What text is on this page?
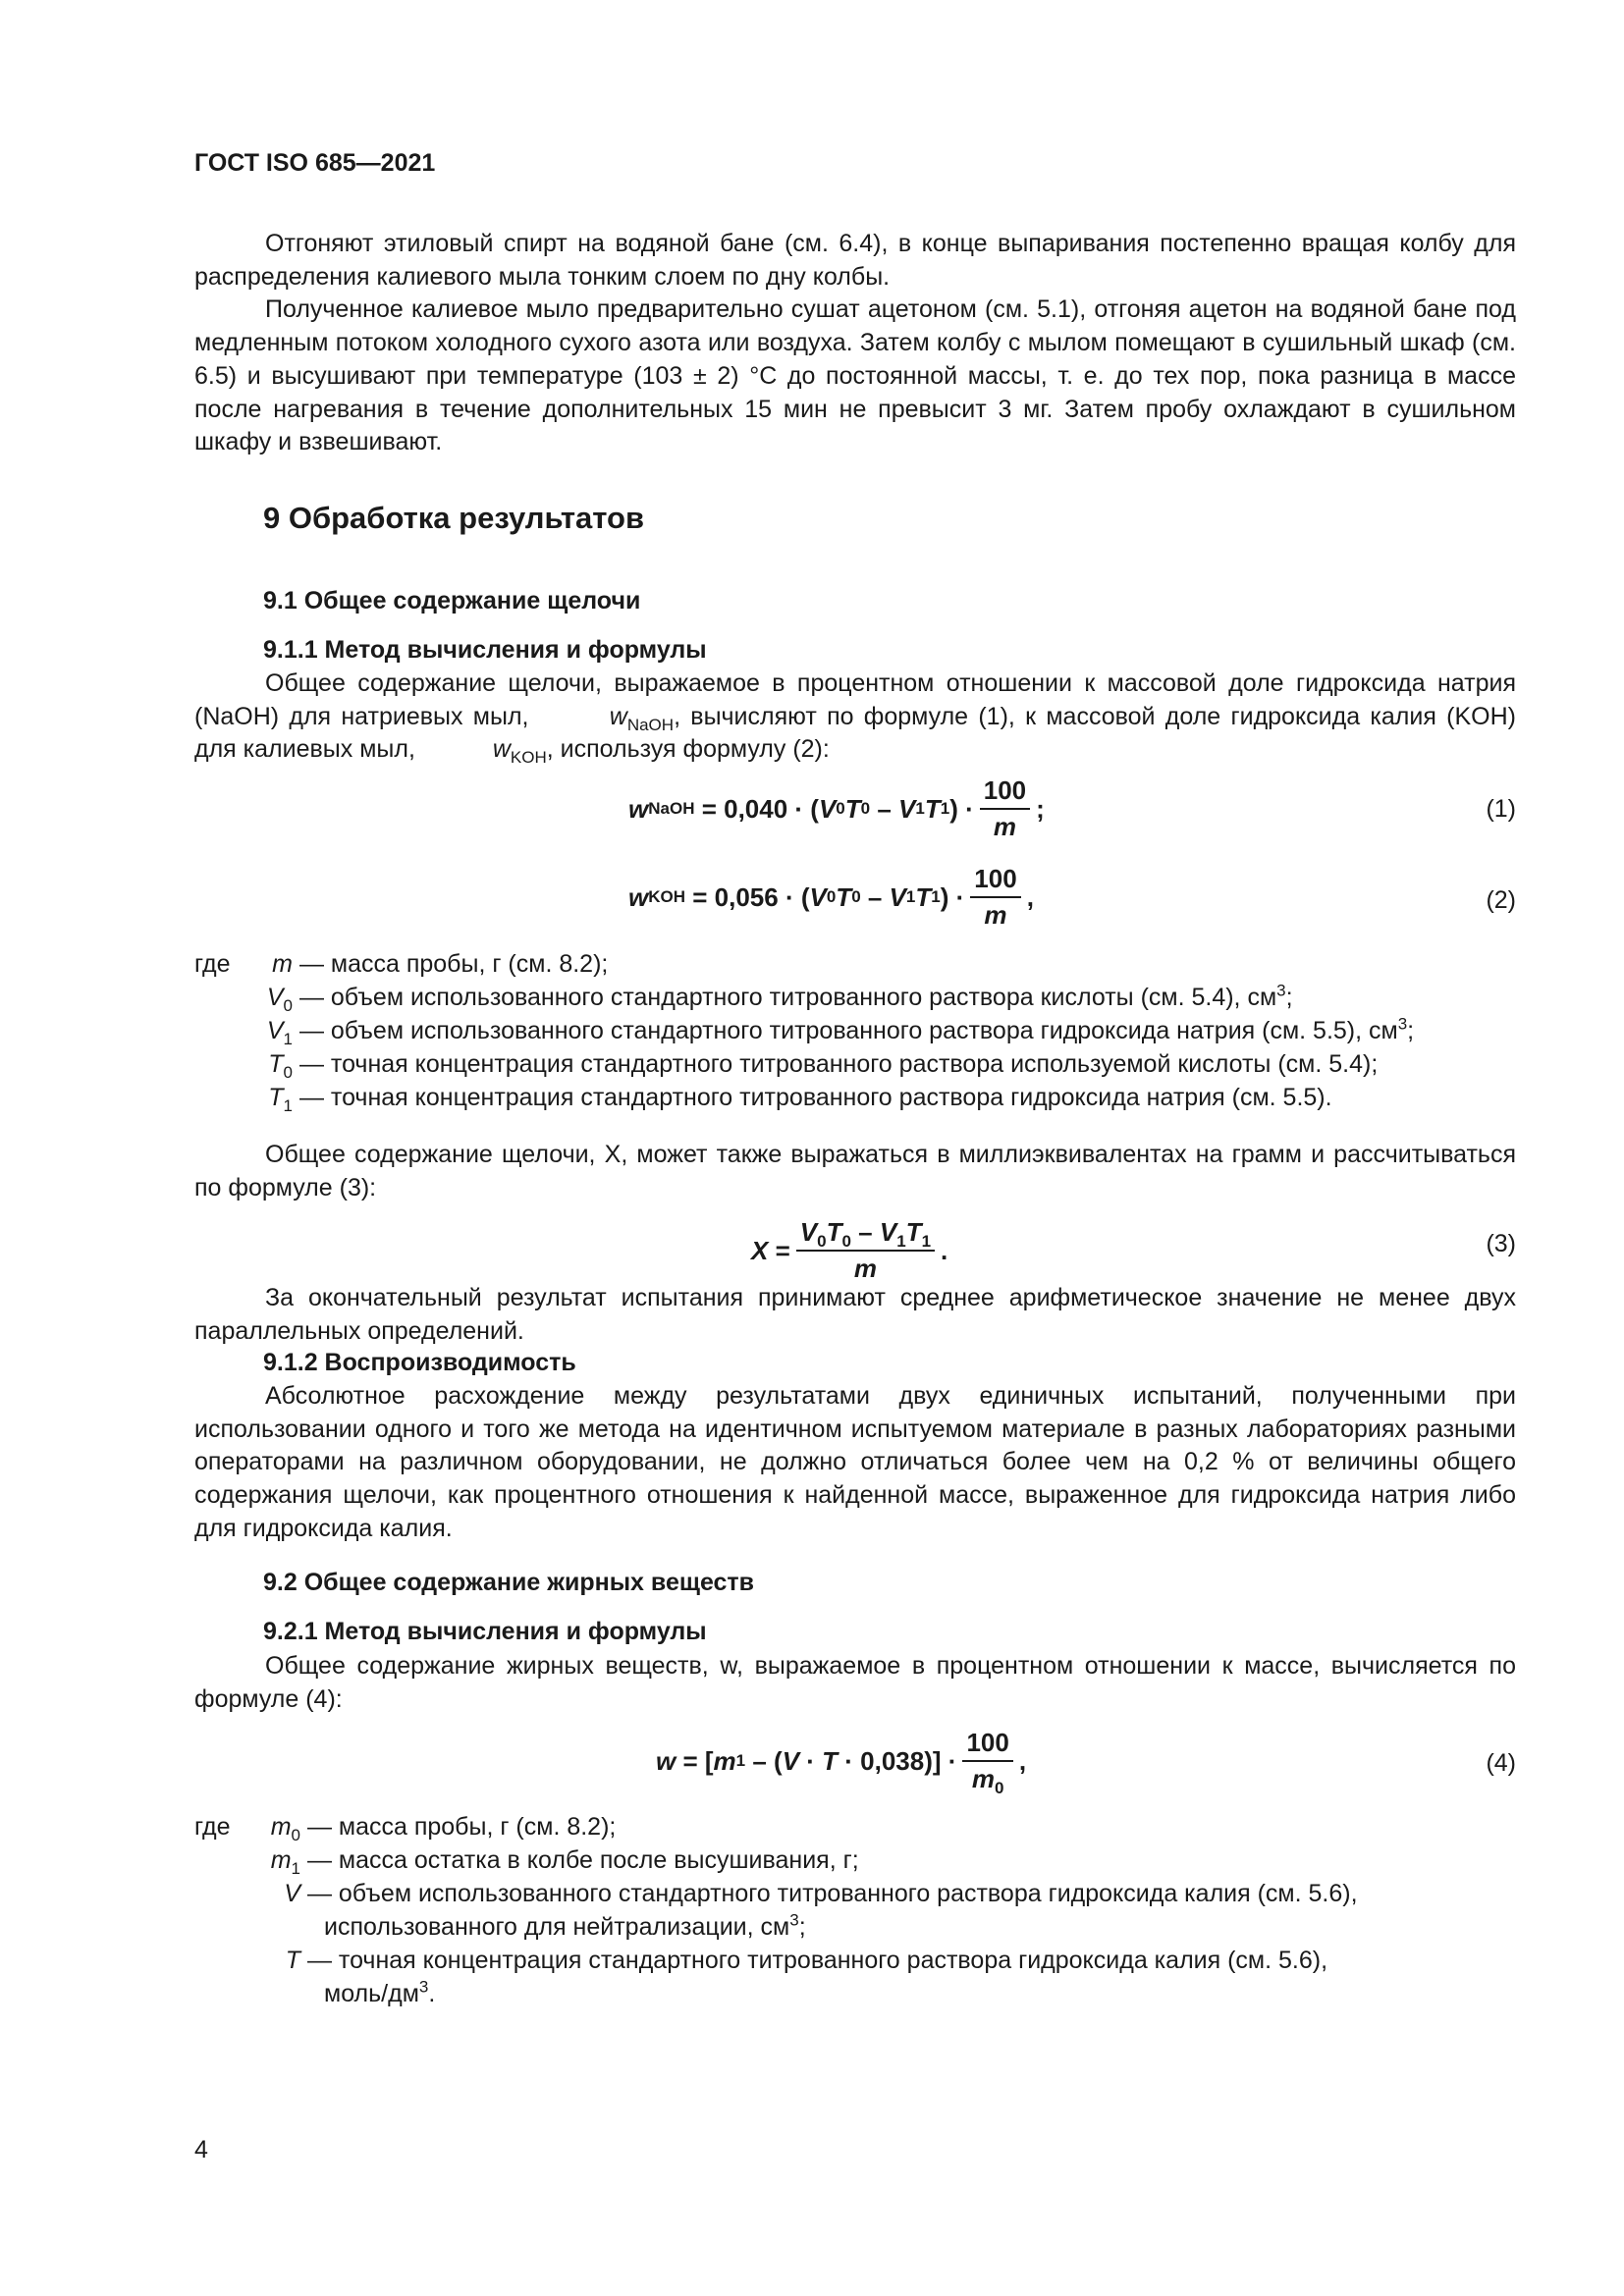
ГОСТ ISO 685—2021

Отгоняют этиловый спирт на водяной бане (см. 6.4), в конце выпаривания постепенно вращая колбу для распределения калиевого мыла тонким слоем по дну колбы.

Полученное калиевое мыло предварительно сушат ацетоном (см. 5.1), отгоняя ацетон на водяной бане под медленным потоком холодного сухого азота или воздуха. Затем колбу с мылом помещают в сушильный шкаф (см. 6.5) и высушивают при температуре (103 ± 2) °С до постоянной массы, т. е. до тех пор, пока разница в массе после нагревания в течение дополнительных 15 мин не превысит 3 мг. Затем пробу охлаждают в сушильном шкафу и взвешивают.

9 Обработка результатов
9.1 Общее содержание щелочи
9.1.1 Метод вычисления и формулы

Общее содержание щелочи, выражаемое в процентном отношении к массовой доле гидроксида натрия (NaOH) для натриевых мыл,	$w_{NaOH}$, вычисляют по формуле (1), к массовой доле гидроксида калия (KOH) для калиевых мыл,	$w_{KOH}$, используя формулу (2):

w NaOH
= 0,040 · ( V 0 T 0 – V 1 T 1 ) · $\frac{100}{m}$ ;	(1)
w KOH
= 0,056 · ( V 0 T 0 – V 1 T 1 ) · $\frac{100}{m}$ ,	(2)
где	m — масса пробы, г (см. 8.2);
$V_0$ — объем использованного стандартного титрованного раствора кислоты (см. 5.4), $см^3$;
$V_1$ — объем использованного стандартного титрованного раствора гидроксида натрия (см. 5.5), $см^3$;
$T_0$ — точная концентрация стандартного титрованного раствора используемой кислоты (см. 5.4);
$T_1$ — точная концентрация стандартного титрованного раствора гидроксида натрия (см. 5.5).

Общее содержание щелочи, X, может также выражаться в миллиэквивалентах на грамм и рассчитываться по формуле (3):

$X = \frac{V_0T_0 - V_1T_1}{m}$ .	(3)

За окончательный результат испытания принимают среднее арифметическое значение не менее двух параллельных определений.

9.1.2 Воспроизводимость

Абсолютное расхождение между результатами двух единичных испытаний, полученными при использовании одного и того же метода на идентичном испытуемом материале в разных лабораториях разными операторами на различном оборудовании, не должно отличаться более чем на 0,2 % от величины общего содержания щелочи, как процентного отношения к найденной массе, выраженное для гидроксида натрия либо для гидроксида калия.

9.2 Общее содержание жирных веществ
9.2.1 Метод вычисления и формулы

Общее содержание жирных веществ, w, выражаемое в процентном отношении к массе, вычисляется по формуле (4):

w = [ m 1 – ( V · T
· $0,038)] \cdot \frac{100}{m_0}$ ,	(4)
где	$m_0$ — масса пробы, г (см. 8.2);
$m_1$ — масса остатка в колбе после высушивания, г;
V — объем использованного стандартного титрованного раствора гидроксида калия (см. 5.6),
использованного для нейтрализации, $см^3$;
T — точная концентрация стандартного титрованного раствора гидроксида калия (см. 5.6),
моль/$дм^3$.
4
